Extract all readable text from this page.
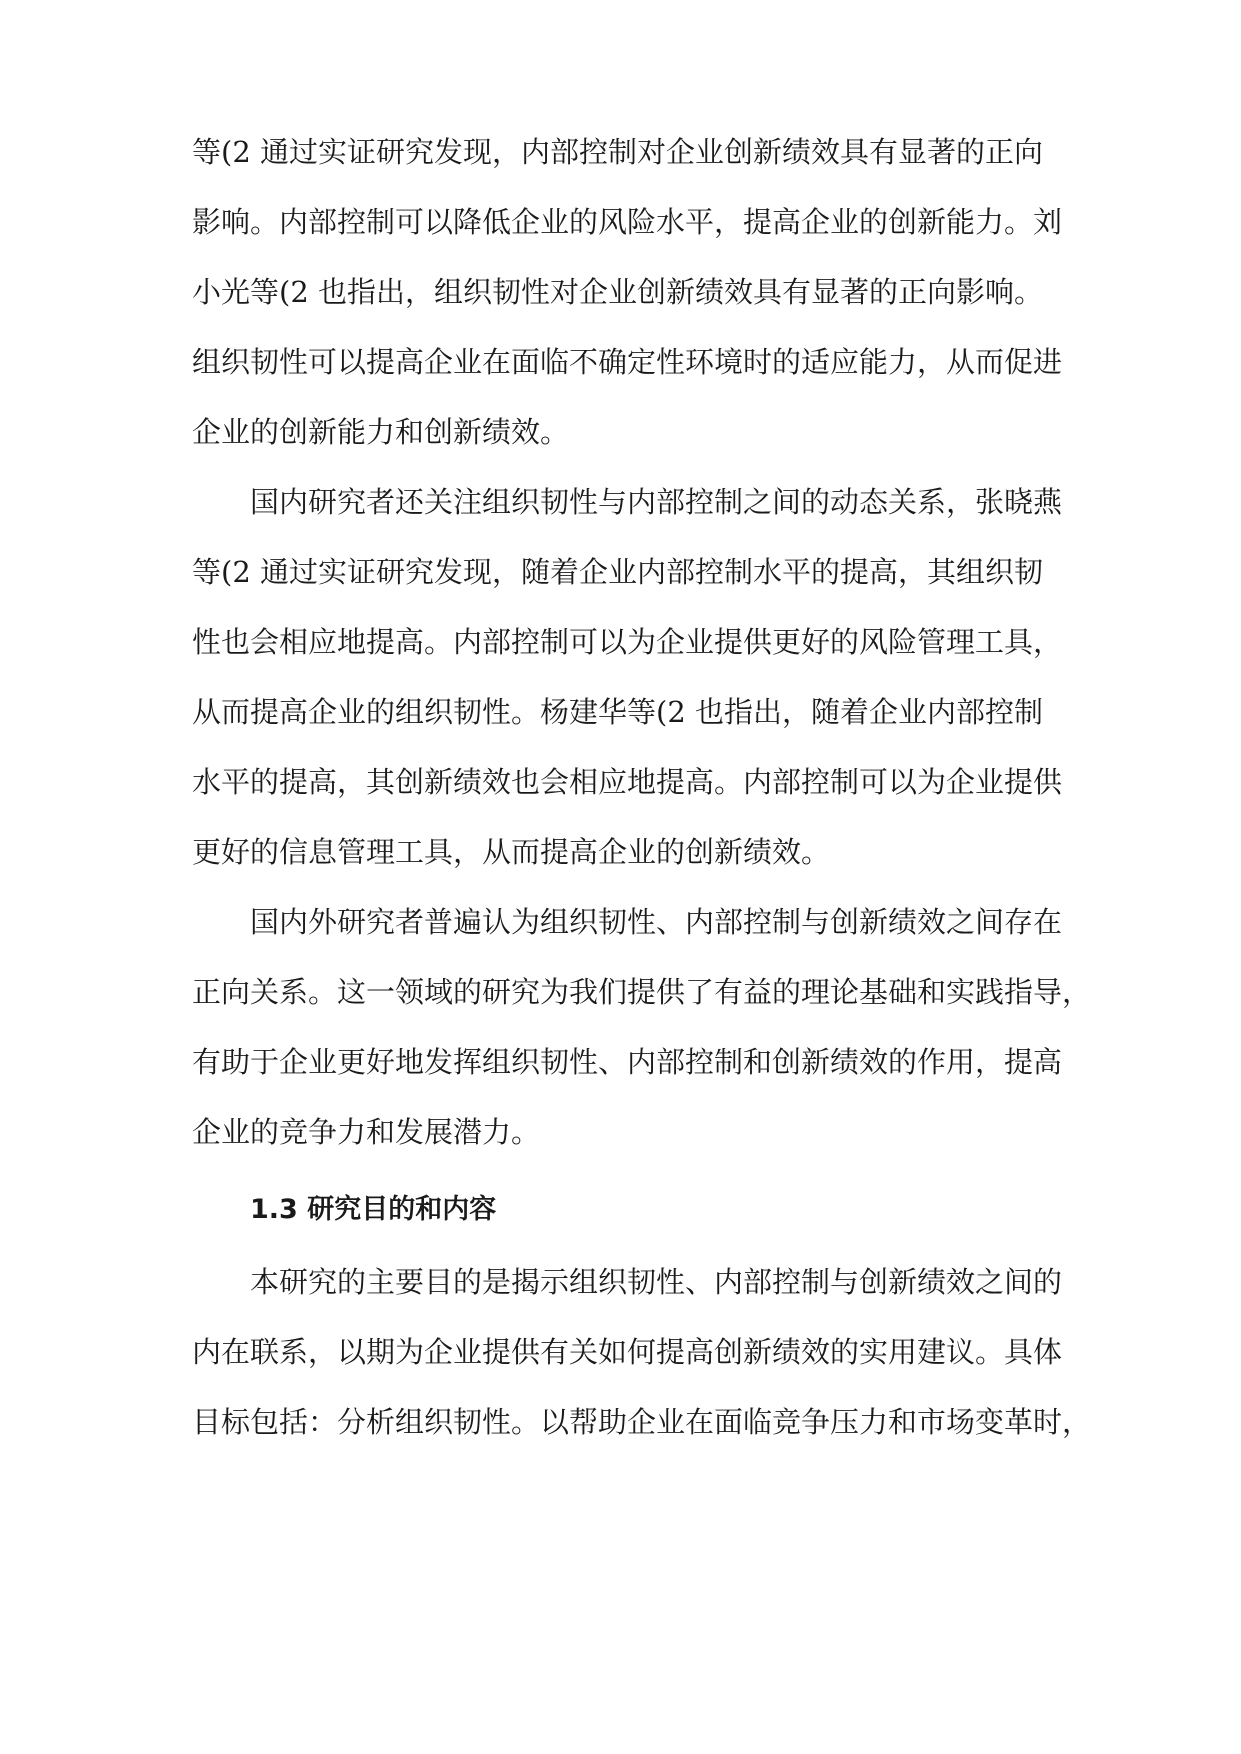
等(2 通过实证研究发现，内部控制对企业创新绩效具有显著的正向
影响。内部控制可以降低企业的风险水平，提高企业的创新能力。刘
小光等(2 也指出，组织韧性对企业创新绩效具有显著的正向影响。
组织韧性可以提高企业在面临不确定性环境时的适应能力，从而促进
企业的创新能力和创新绩效。
国内研究者还关注组织韧性与内部控制之间的动态关系，张晓燕
等(2 通过实证研究发现，随着企业内部控制水平的提高，其组织韧
性也会相应地提高。内部控制可以为企业提供更好的风险管理工具，
从而提高企业的组织韧性。杨建华等(2 也指出，随着企业内部控制
水平的提高，其创新绩效也会相应地提高。内部控制可以为企业提供
更好的信息管理工具，从而提高企业的创新绩效。
国内外研究者普遍认为组织韧性、内部控制与创新绩效之间存在
正向关系。这一领域的研究为我们提供了有益的理论基础和实践指导，
有助于企业更好地发挥组织韧性、内部控制和创新绩效的作用，提高
企业的竞争力和发展潜力。
1.3 研究目的和内容
本研究的主要目的是揭示组织韧性、内部控制与创新绩效之间的
内在联系，以期为企业提供有关如何提高创新绩效的实用建议。具体
目标包括：分析组织韧性。以帮助企业在面临竞争压力和市场变革时，
